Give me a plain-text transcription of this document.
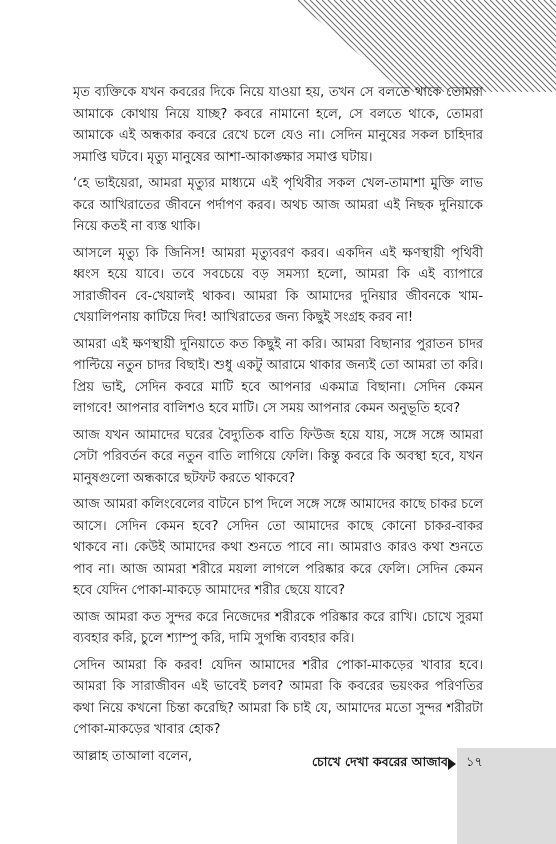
মৃত ব্যক্তিকে যখন কবরের দিকে নিয়ে যাওয়া হয়, তখন সে বলতে থাকে তোমরা আমাকে কোথায় নিয়ে যাচ্ছ? কবরে নামানো হলে, সে বলতে থাকে, তোমরা আমাকে এই অন্ধকার কবরে রেখে চলে যেও না। সেদিন মানুষের সকল চাহিদার সমাপ্তি ঘটবে। মৃত্যু মানুষের আশা-আকাঙ্ক্ষার সমাপ্ত ঘটায়।

‘হে ভাইয়েরা, আমরা মৃত্যুর মাধ্যমে এই পৃথিবীর সকল খেল-তামাশা মুক্তি লাভ করে আখিরাতের জীবনে পর্দাপণ করব। অথচ আজ আমরা এই নিছক দুনিয়াকে নিয়ে কতই না ব্যস্ত থাকি।

আসলে মৃত্যু কি জিনিস! আমরা মৃত্যুবরণ করব। একদিন এই ক্ষণস্থায়ী পৃথিবী ধ্বংস হয়ে যাবে। তবে সবচেয়ে বড় সমস্যা হলো, আমরা কি এই ব্যাপারে সারাজীবন বে-খেয়ালই থাকব। আমরা কি আমাদের দুনিয়ার জীবনকে খাম-খেয়ালিপনায় কাটিয়ে দিব! আখিরাতের জন্য কিছুই সংগ্রহ করব না!

আমরা এই ক্ষণস্থায়ী দুনিয়াতে কত কিছুই না করি। আমরা বিছানার পুরাতন চাদর পাল্টিয়ে নতুন চাদর বিছাই। শুধু একটু আরামে থাকার জন্যই তো আমরা তা করি। প্রিয় ভাই, সেদিন কবরে মাটি হবে আপনার একমাত্র বিছানা। সেদিন কেমন লাগবে! আপনার বালিশও হবে মাটি। সে সময় আপনার কেমন অনুভূতি হবে?

আজ যখন আমাদের ঘরের বৈদ্যুতিক বাতি ফিউজ হয়ে যায়, সঙ্গে সঙ্গে আমরা সেটা পরিবর্তন করে নতুন বাতি লাগিয়ে ফেলি। কিন্তু কবরে কি অবস্থা হবে, যখন মানুষগুলো অন্ধকারে ছটফট করতে থাকবে?

আজ আমরা কলিংবেলের বাটনে চাপ দিলে সঙ্গে সঙ্গে আমাদের কাছে চাকর চলে আসে। সেদিন কেমন হবে? সেদিন তো আমাদের কাছে কোনো চাকর-বাকর থাকবে না। কেউই আমাদের কথা শুনতে পাবে না। আমরাও কারও কথা শুনতে পাব না। আজ আমরা শরীরে ময়লা লাগলে পরিষ্কার করে ফেলি। সেদিন কেমন হবে যেদিন পোকা-মাকড়ে আমাদের শরীর ছেয়ে যাবে?

আজ আমরা কত সুন্দর করে নিজেদের শরীরকে পরিষ্কার করে রাখি। চোখে সুরমা ব্যবহার করি, চুলে শ্যাম্পু করি, দামি সুগন্ধি ব্যবহার করি।

সেদিন আমরা কি করব! যেদিন আমাদের শরীর পোকা-মাকড়ের খাবার হবে। আমরা কি সারাজীবন এই ভাবেই চলব? আমরা কি কবরের ভয়ংকর পরিণতির কথা নিয়ে কখনো চিন্তা করেছি? আমরা কি চাই যে, আমাদের মতো সুন্দর শরীরটা পোকা-মাকড়ের খাবার হোক?

আল্লাহ তাআলা বলেন,	চোখে দেখা কবরের আজাব ১৭
